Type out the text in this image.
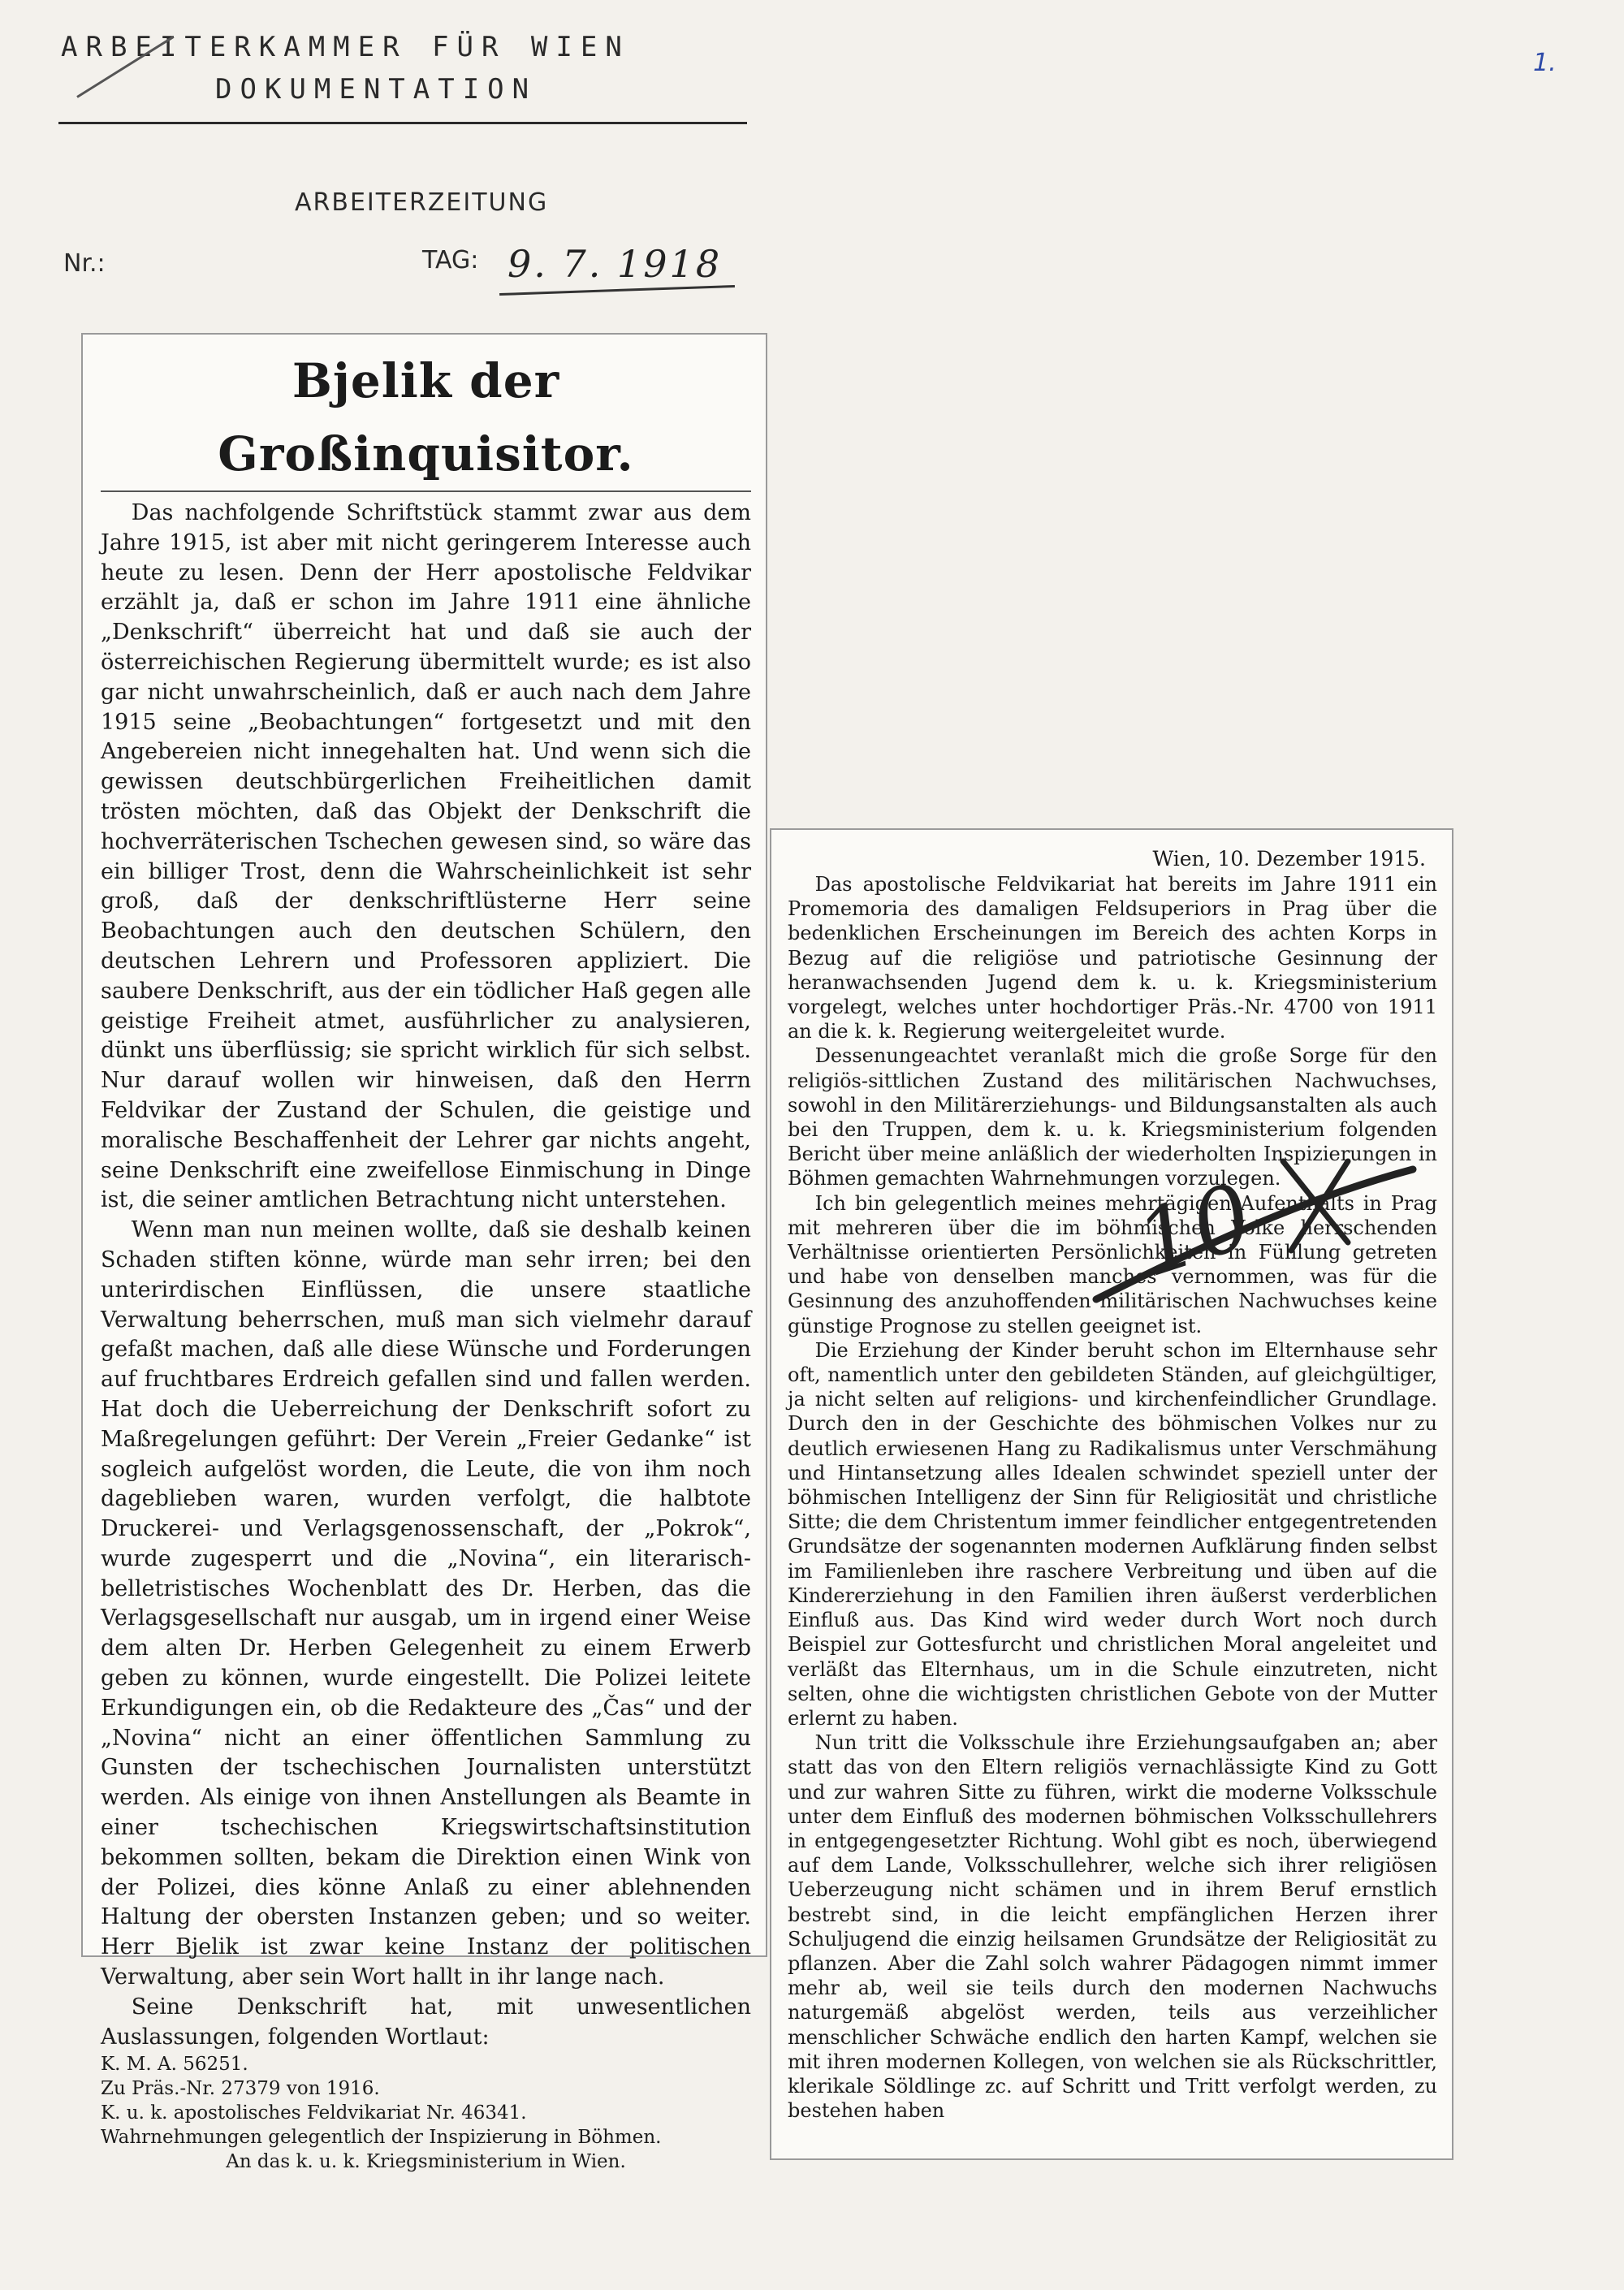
ARBEITERKAMMER FÜR WIEN
DOKUMENTATION
1.
ARBEITERZEITUNG
Nr.:	TAG: 9. 7. 1918
Bjelik der Großinquisitor.

Das nachfolgende Schriftstück stammt zwar aus dem Jahre 1915, ist aber mit nicht geringerem Interesse auch heute zu lesen. Denn der Herr apostolische Feldvikar erzählt ja, daß er schon im Jahre 1911 eine ähnliche „Denkschrift“ überreicht hat und daß sie auch der österreichischen Regierung übermittelt wurde; es ist also gar nicht unwahrscheinlich, daß er auch nach dem Jahre 1915 seine „Beobachtungen“ fortgesetzt und mit den Angebereien nicht innegehalten hat. Und wenn sich die gewissen deutschbürgerlichen Freiheitlichen damit trösten möchten, daß das Objekt der Denkschrift die hochverräterischen Tschechen gewesen sind, so wäre das ein billiger Trost, denn die Wahrscheinlichkeit ist sehr groß, daß der denkschriftlüsterne Herr seine Beobachtungen auch den deutschen Schülern, den deutschen Lehrern und Professoren appliziert. Die saubere Denkschrift, aus der ein tödlicher Haß gegen alle geistige Freiheit atmet, ausführlicher zu analysieren, dünkt uns überflüssig; sie spricht wirklich für sich selbst. Nur darauf wollen wir hinweisen, daß den Herrn Feldvikar der Zustand der Schulen, die geistige und moralische Beschaffenheit der Lehrer gar nichts angeht, seine Denkschrift eine zweifellose Einmischung in Dinge ist, die seiner amtlichen Betrachtung nicht unterstehen.

Wenn man nun meinen wollte, daß sie deshalb keinen Schaden stiften könne, würde man sehr irren; bei den unterirdischen Einflüssen, die unsere staatliche Verwaltung beherrschen, muß man sich vielmehr darauf gefaßt machen, daß alle diese Wünsche und Forderungen auf fruchtbares Erdreich gefallen sind und fallen werden. Hat doch die Ueberreichung der Denkschrift sofort zu Maßregelungen geführt: Der Verein „Freier Gedanke“ ist sogleich aufgelöst worden, die Leute, die von ihm noch dageblieben waren, wurden verfolgt, die halbtote Druckerei- und Verlagsgenossenschaft, der „Pokrok“, wurde zugesperrt und die „Novina“, ein literarisch-belletristisches Wochenblatt des Dr. Herben, das die Verlagsgesellschaft nur ausgab, um in irgend einer Weise dem alten Dr. Herben Gelegenheit zu einem Erwerb geben zu können, wurde eingestellt. Die Polizei leitete Erkundigungen ein, ob die Redakteure des „Čas“ und der „Novina“ nicht an einer öffentlichen Sammlung zu Gunsten der tschechischen Journalisten unterstützt werden. Als einige von ihnen Anstellungen als Beamte in einer tschechischen Kriegswirtschaftsinstitution bekommen sollten, bekam die Direktion einen Wink von der Polizei, dies könne Anlaß zu einer ablehnenden Haltung der obersten Instanzen geben; und so weiter. Herr Bjelik ist zwar keine Instanz der politischen Verwaltung, aber sein Wort hallt in ihr lange nach.

Seine Denkschrift hat, mit unwesentlichen Auslassungen, folgenden Wortlaut:

K. M. A. 56251.

Zu Präs.-Nr. 27379 von 1916.

K. u. k. apostolisches Feldvikariat Nr. 46341.

Wahrnehmungen gelegentlich der Inspizierung in Böhmen.

An das k. u. k. Kriegsministerium in Wien.

Wien, 10. Dezember 1915.

Das apostolische Feldvikariat hat bereits im Jahre 1911 ein Promemoria des damaligen Feldsuperiors in Prag über die bedenklichen Erscheinungen im Bereich des achten Korps in Bezug auf die religiöse und patriotische Gesinnung der heranwachsenden Jugend dem k. u. k. Kriegsministerium vorgelegt, welches unter hochdortiger Präs.-Nr. 4700 von 1911 an die k. k. Regierung weitergeleitet wurde.

Dessenungeachtet veranlaßt mich die große Sorge für den religiös-sittlichen Zustand des militärischen Nachwuchses, sowohl in den Militärerziehungs- und Bildungsanstalten als auch bei den Truppen, dem k. u. k. Kriegsministerium folgenden Bericht über meine anläßlich der wiederholten Inspizierungen in Böhmen gemachten Wahrnehmungen vorzulegen.

Ich bin gelegentlich meines mehrtägigen Aufenthalts in Prag mit mehreren über die im böhmischen Volke herrschenden Verhältnisse orientierten Persönlichkeiten in Fühlung getreten und habe von denselben manches vernommen, was für die Gesinnung des anzuhoffenden militärischen Nachwuchses keine günstige Prognose zu stellen geeignet ist.

Die Erziehung der Kinder beruht schon im Elternhause sehr oft, namentlich unter den gebildeten Ständen, auf gleichgültiger, ja nicht selten auf religions- und kirchenfeindlicher Grundlage. Durch den in der Geschichte des böhmischen Volkes nur zu deutlich erwiesenen Hang zu Radikalismus unter Verschmähung und Hintansetzung alles Idealen schwindet speziell unter der böhmischen Intelligenz der Sinn für Religiosität und christliche Sitte; die dem Christentum immer feindlicher entgegentretenden Grundsätze der sogenannten modernen Aufklärung finden selbst im Familienleben ihre raschere Verbreitung und üben auf die Kindererziehung in den Familien ihren äußerst verderblichen Einfluß aus. Das Kind wird weder durch Wort noch durch Beispiel zur Gottesfurcht und christlichen Moral angeleitet und verläßt das Elternhaus, um in die Schule einzutreten, nicht selten, ohne die wichtigsten christlichen Gebote von der Mutter erlernt zu haben.

Nun tritt die Volksschule ihre Erziehungsaufgaben an; aber statt das von den Eltern religiös vernachlässigte Kind zu Gott und zur wahren Sitte zu führen, wirkt die moderne Volksschule unter dem Einfluß des modernen böhmischen Volksschullehrers in entgegengesetzter Richtung. Wohl gibt es noch, überwiegend auf dem Lande, Volksschullehrer, welche sich ihrer religiösen Ueberzeugung nicht schämen und in ihrem Beruf ernstlich bestrebt sind, in die leicht empfänglichen Herzen ihrer Schuljugend die einzig heilsamen Grundsätze der Religiosität zu pflanzen. Aber die Zahl solch wahrer Pädagogen nimmt immer mehr ab, weil sie teils durch den modernen Nachwuchs naturgemäß abgelöst werden, teils aus verzeihlicher menschlicher Schwäche endlich den harten Kampf, welchen sie mit ihren modernen Kollegen, von welchen sie als Rückschrittler, klerikale Söldlinge zc. auf Schritt und Tritt verfolgt werden, zu bestehen haben

10
